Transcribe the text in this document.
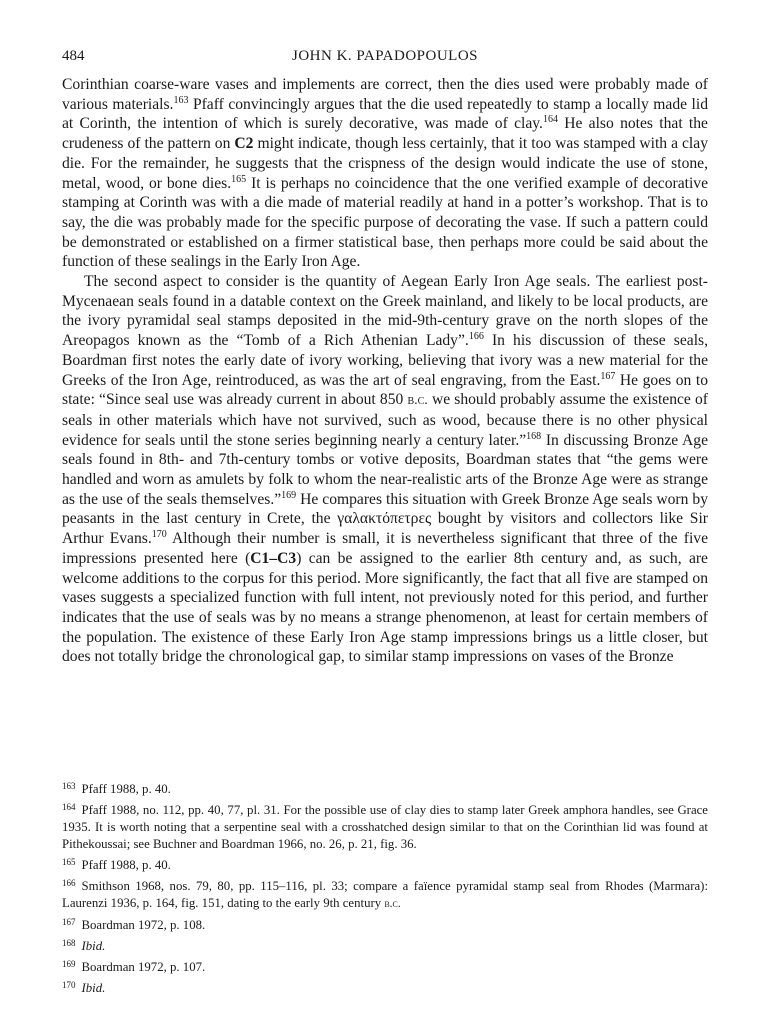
484	JOHN K. PAPADOPOULOS

Corinthian coarse-ware vases and implements are correct, then the dies used were probably made of various materials.$^{163}$ Pfaff convincingly argues that the die used repeatedly to stamp a locally made lid at Corinth, the intention of which is surely decorative, was made of clay.$^{164}$ He also notes that the crudeness of the pattern on C2 might indicate, though less certainly, that it too was stamped with a clay die. For the remainder, he suggests that the crispness of the design would indicate the use of stone, metal, wood, or bone dies.$^{165}$ It is perhaps no coincidence that the one verified example of decorative stamping at Corinth was with a die made of material readily at hand in a potter’s workshop. That is to say, the die was probably made for the specific purpose of decorating the vase. If such a pattern could be demonstrated or established on a firmer statistical base, then perhaps more could be said about the function of these sealings in the Early Iron Age.

The second aspect to consider is the quantity of Aegean Early Iron Age seals. The earliest post-Mycenaean seals found in a datable context on the Greek mainland, and likely to be local products, are the ivory pyramidal seal stamps deposited in the mid-9th-century grave on the north slopes of the Areopagos known as the “Tomb of a Rich Athenian Lady”.$^{166}$ In his discussion of these seals, Boardman first notes the early date of ivory working, believing that ivory was a new material for the Greeks of the Iron Age, reintroduced, as was the art of seal engraving, from the East.$^{167}$ He goes on to state: “Since seal use was already current in about 850 b.c. we should probably assume the existence of seals in other materials which have not survived, such as wood, because there is no other physical evidence for seals until the stone series beginning nearly a century later.”$^{168}$ In discussing Bronze Age seals found in 8th- and 7th-century tombs or votive deposits, Boardman states that “the gems were handled and worn as amulets by folk to whom the near-realistic arts of the Bronze Age were as strange as the use of the seals themselves.”$^{169}$ He compares this situation with Greek Bronze Age seals worn by peasants in the last century in Crete, the γαλακτόπετρες bought by visitors and collectors like Sir Arthur Evans.$^{170}$ Although their number is small, it is nevertheless significant that three of the five impressions presented here (C1–C3) can be assigned to the earlier 8th century and, as such, are welcome additions to the corpus for this period. More significantly, the fact that all five are stamped on vases suggests a specialized function with full intent, not previously noted for this period, and further indicates that the use of seals was by no means a strange phenomenon, at least for certain members of the population. The existence of these Early Iron Age stamp impressions brings us a little closer, but does not totally bridge the chronological gap, to similar stamp impressions on vases of the Bronze

$^{163}$ Pfaff 1988, p. 40.

$^{164}$ Pfaff 1988, no. 112, pp. 40, 77, pl. 31. For the possible use of clay dies to stamp later Greek amphora handles, see Grace 1935. It is worth noting that a serpentine seal with a crosshatched design similar to that on the Corinthian lid was found at Pithekoussai; see Buchner and Boardman 1966, no. 26, p. 21, fig. 36.

$^{165}$ Pfaff 1988, p. 40.

$^{166}$ Smithson 1968, nos. 79, 80, pp. 115–116, pl. 33; compare a faïence pyramidal stamp seal from Rhodes (Marmara): Laurenzi 1936, p. 164, fig. 151, dating to the early 9th century b.c.

$^{167}$ Boardman 1972, p. 108.

$^{168}$ Ibid.

$^{169}$ Boardman 1972, p. 107.

$^{170}$ Ibid.
